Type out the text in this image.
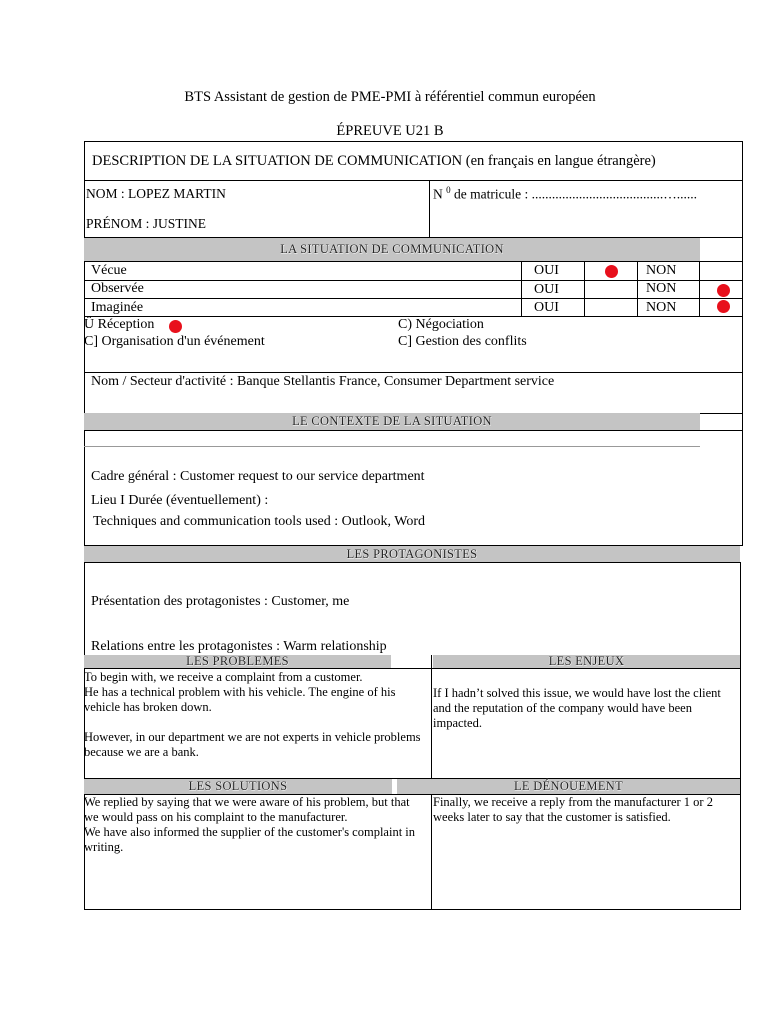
BTS Assistant de gestion de PME-PMI à référentiel commun européen
ÉPREUVE U21 B
DESCRIPTION DE LA SITUATION DE COMMUNICATION (en français en langue étrangère)
NOM : LOPEZ MARTIN
PRÉNOM : JUSTINE
N $^0$ de matricule : .......................................…......
LA SITUATION DE COMMUNICATION
Vécue	OUI	NON
Observée	OUI	NON
Imaginée	OUI	NON
Ü Réception
C] Organisation d'un événement
C) Négociation
C] Gestion des conflits
Nom / Secteur d'activité : Banque Stellantis France, Consumer Department service
LE CONTEXTE DE LA SITUATION
Cadre général : Customer request to our service department
Lieu I Durée (éventuellement) :
Techniques and communication tools used : Outlook, Word
LES PROTAGONISTES
Présentation des protagonistes : Customer, me
Relations entre les protagonistes : Warm relationship
LES PROBLEMES	LES ENJEUX
To begin with, we receive a complaint from a customer.
He has a technical problem with his vehicle. The engine of his vehicle has broken down.

However, in our department we are not experts in vehicle problems because we are a bank.
If I hadn’t solved this issue, we would have lost the client and the reputation of the company would have been impacted.
LES SOLUTIONS	LE DÉNOUEMENT
We replied by saying that we were aware of his problem, but that we would pass on his complaint to the manufacturer.
We have also informed the supplier of the customer's complaint in writing.
Finally, we receive a reply from the manufacturer 1 or 2 weeks later to say that the customer is satisfied.
